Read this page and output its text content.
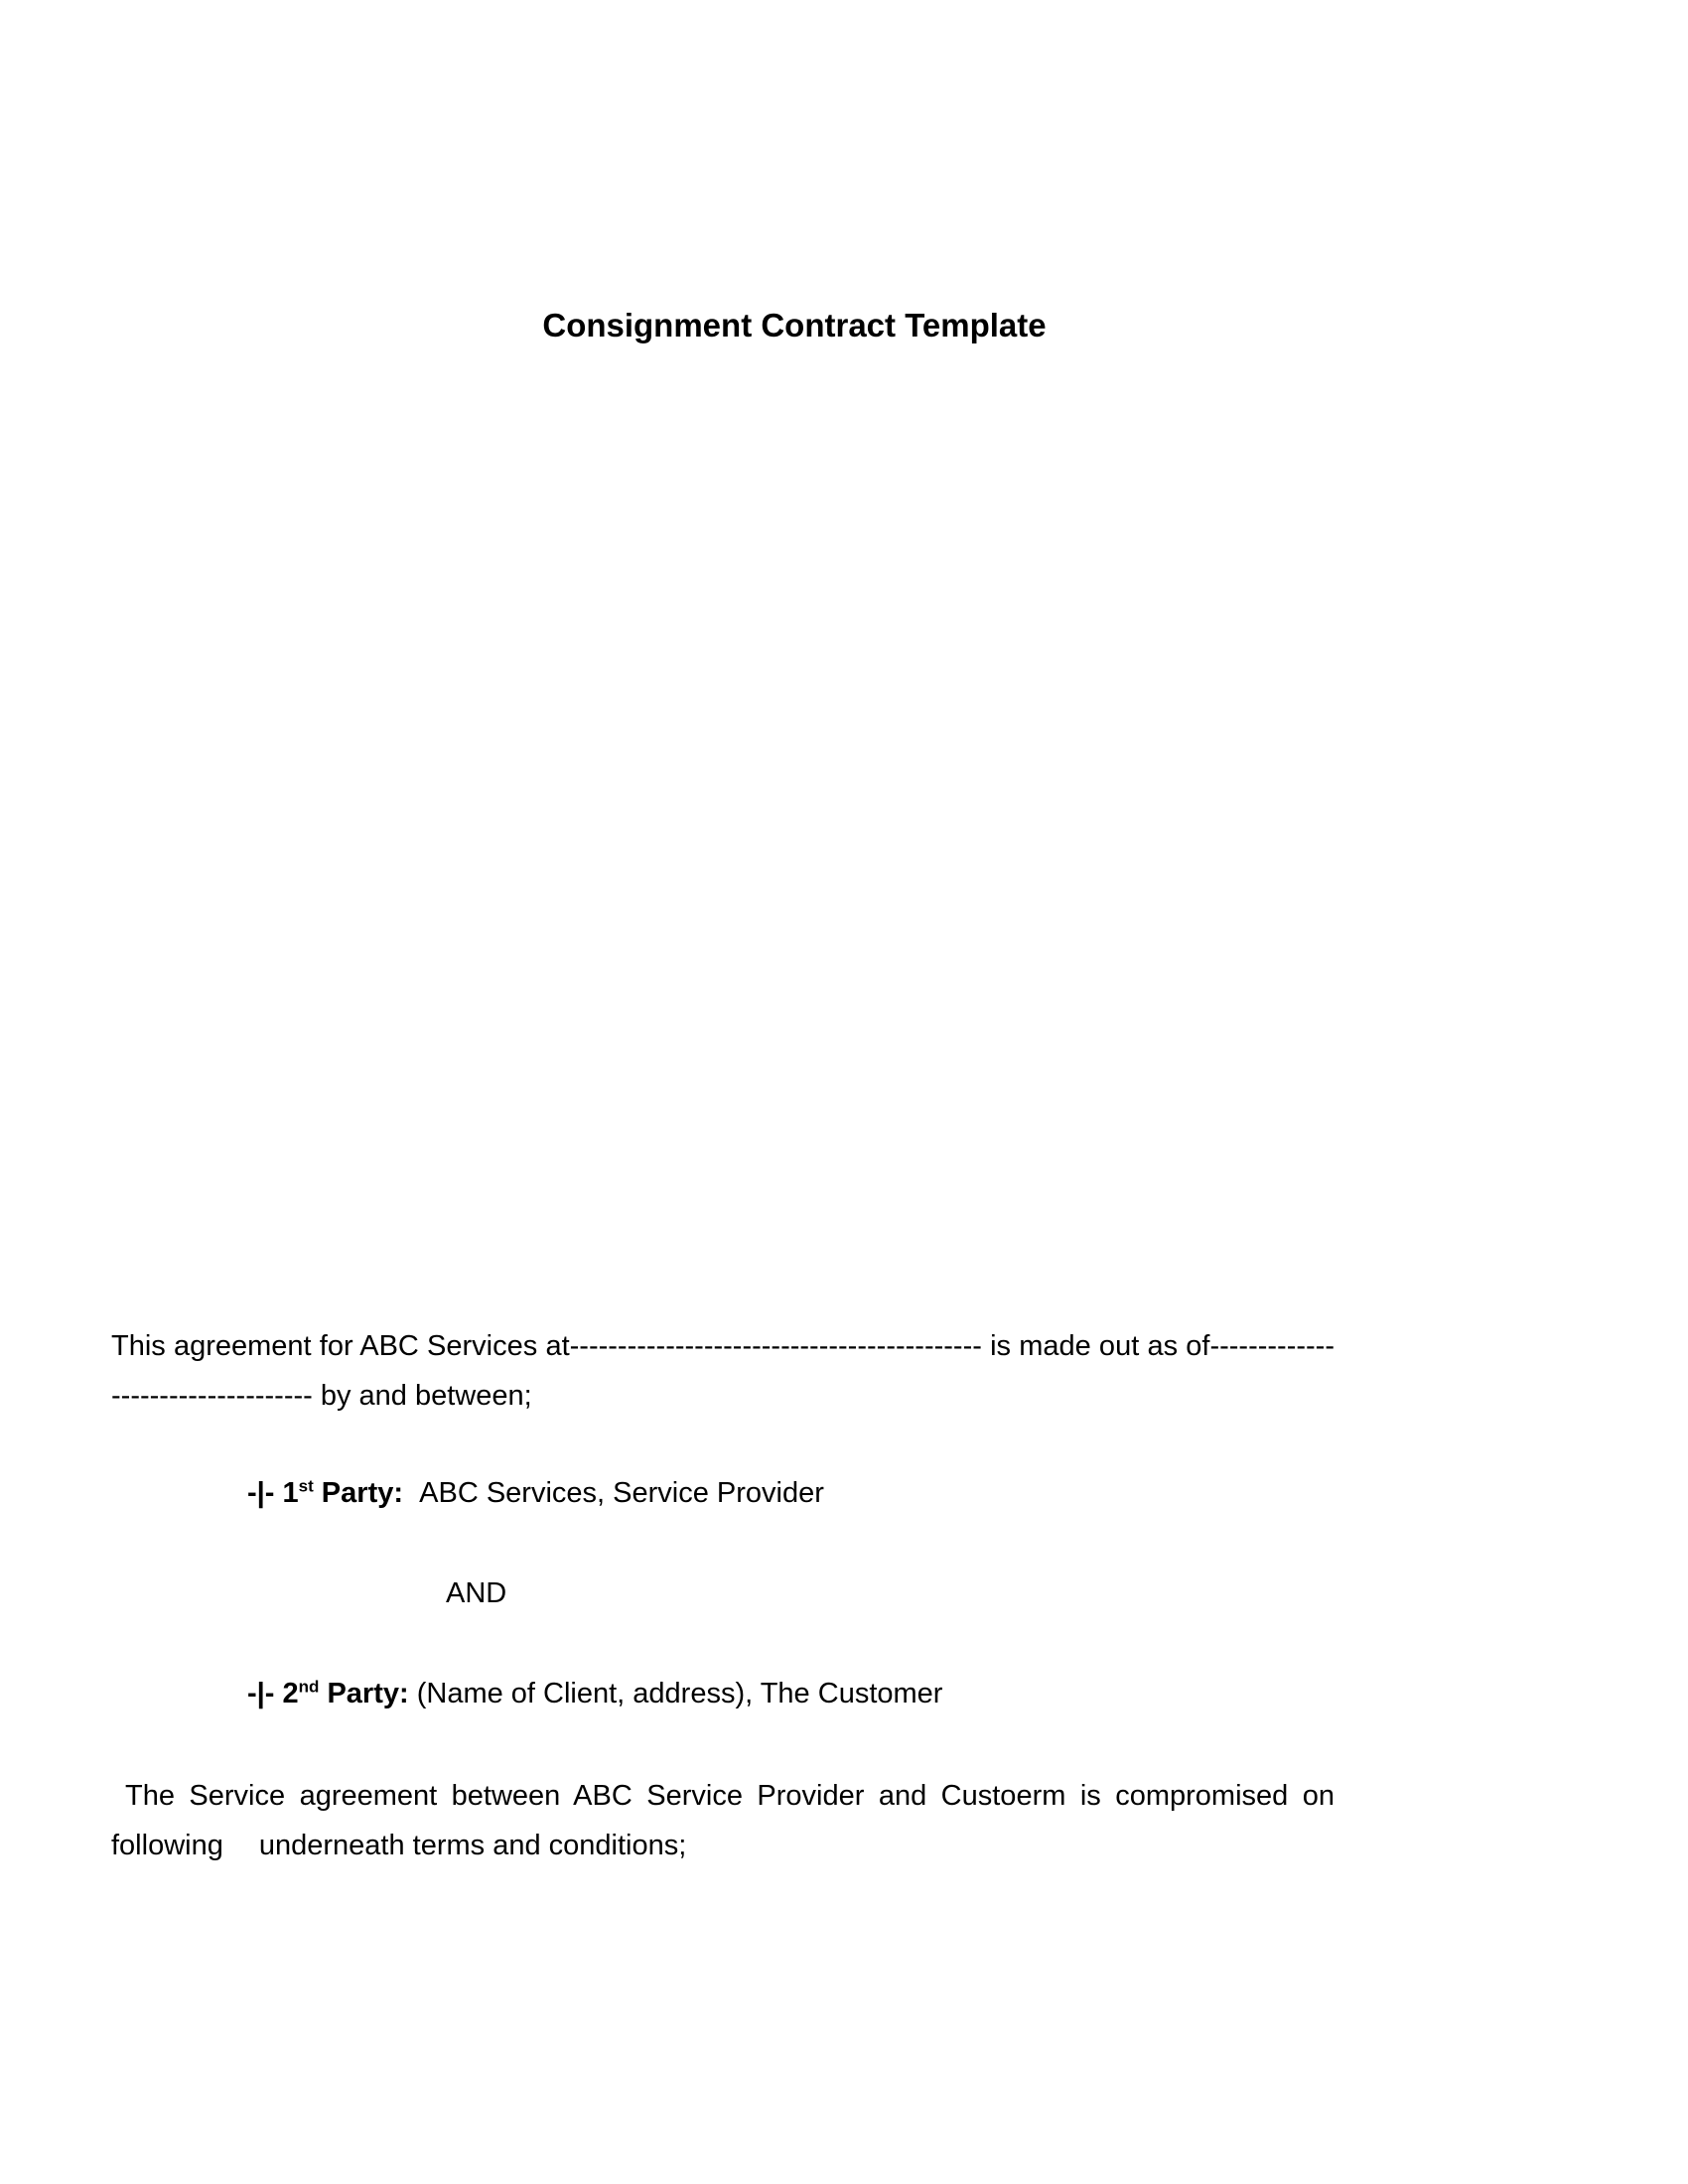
Consignment Contract Template

This agreement for ABC Services at------------------------------------------- is made out as of---------------------------------- by and between;

-|- 1st Party: ABC Services, Service Provider
AND
-|- 2nd Party: (Name of Client, address), The Customer

The Service agreement between ABC Service Provider and Custoerm is compromised on following underneath terms and conditions;
